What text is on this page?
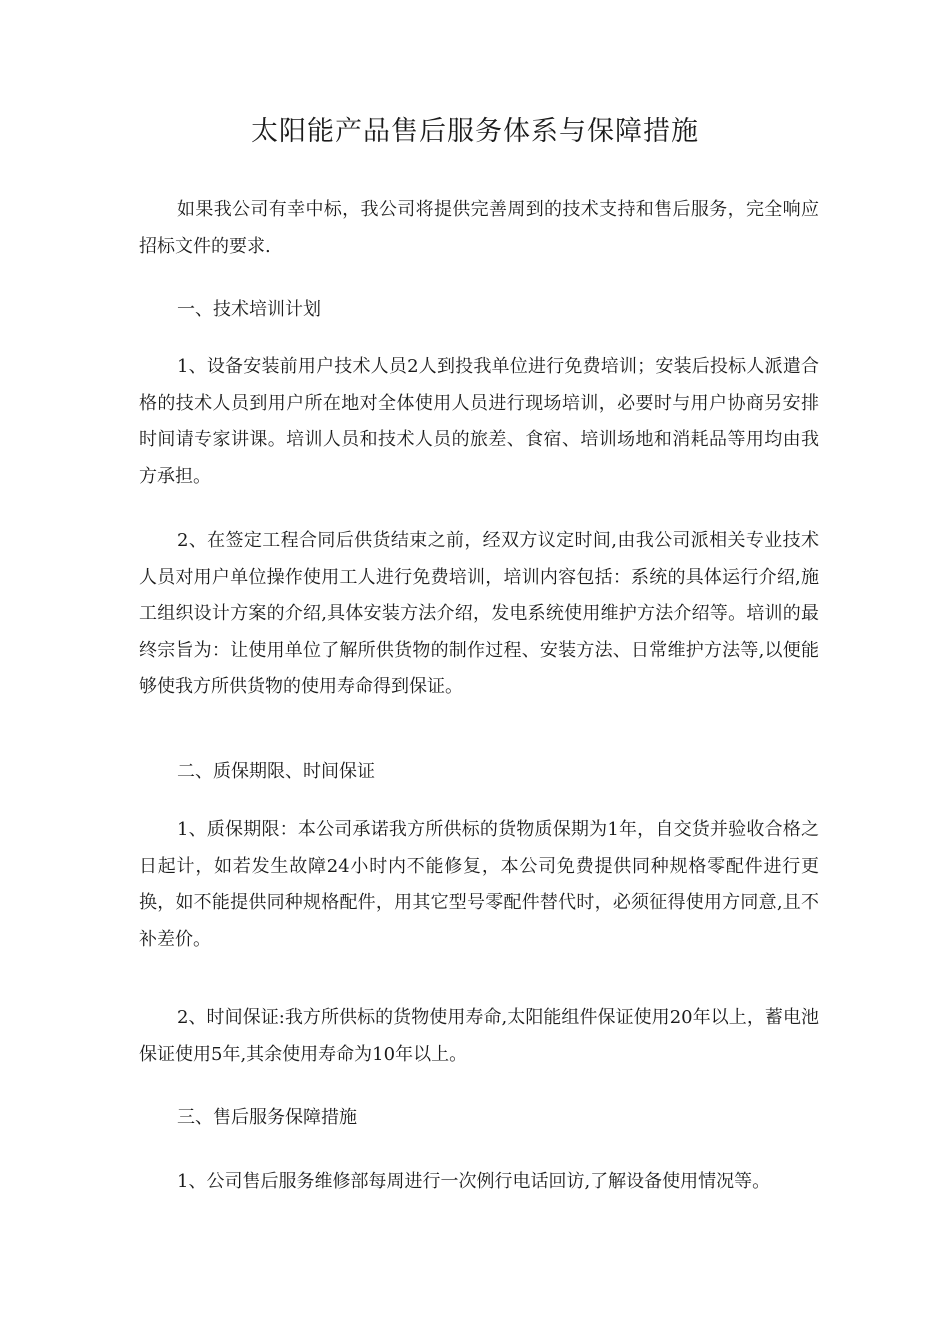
太阳能产品售后服务体系与保障措施

如果我公司有幸中标，我公司将提供完善周到的技术支持和售后服务，完全响应招标文件的要求.

一、技术培训计划

1、设备安装前用户技术人员2人到投我单位进行免费培训；安装后投标人派遣合格的技术人员到用户所在地对全体使用人员进行现场培训，必要时与用户协商另安排时间请专家讲课。培训人员和技术人员的旅差、食宿、培训场地和消耗品等用均由我方承担。

2、在签定工程合同后供货结束之前，经双方议定时间,由我公司派相关专业技术人员对用户单位操作使用工人进行免费培训，培训内容包括：系统的具体运行介绍,施工组织设计方案的介绍,具体安装方法介绍，发电系统使用维护方法介绍等。培训的最终宗旨为：让使用单位了解所供货物的制作过程、安装方法、日常维护方法等,以便能够使我方所供货物的使用寿命得到保证。

二、质保期限、时间保证

1、质保期限：本公司承诺我方所供标的货物质保期为1年，自交货并验收合格之日起计，如若发生故障24小时内不能修复，本公司免费提供同种规格零配件进行更换，如不能提供同种规格配件，用其它型号零配件替代时，必须征得使用方同意,且不补差价。

2、时间保证:我方所供标的货物使用寿命,太阳能组件保证使用20年以上，蓄电池保证使用5年,其余使用寿命为10年以上。

三、售后服务保障措施

1、公司售后服务维修部每周进行一次例行电话回访,了解设备使用情况等。
